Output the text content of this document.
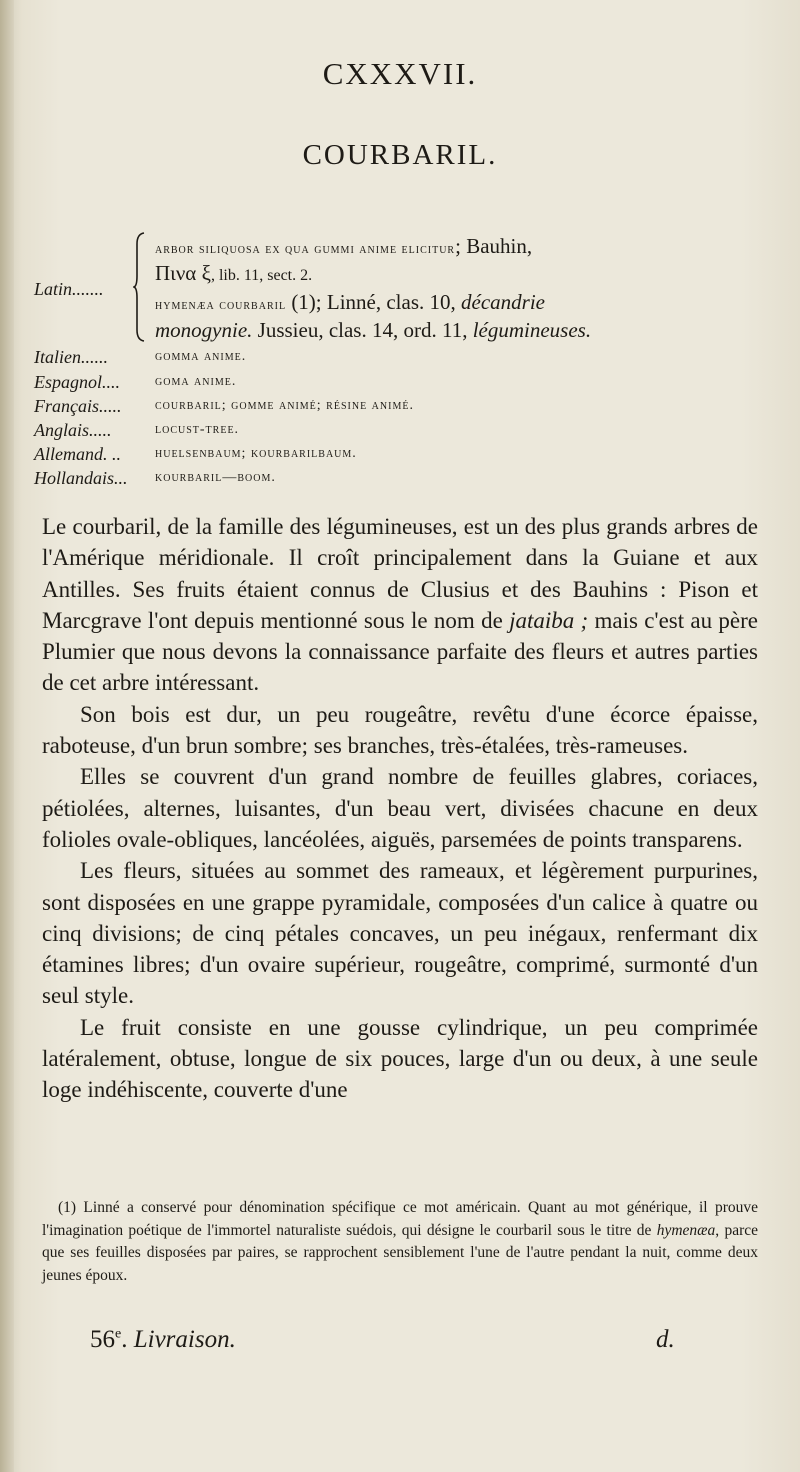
CXXXVII.
COURBARIL.
Latin.......
arbor siliquosa ex qua gummi anime elicitur; Bauhin,
Πινα ξ, lib. 11, sect. 2.
hymenæa courbaril (1); Linné, clas. 10, décandrie
monogynie. Jussieu, clas. 14, ord. 11, légumineuses.
Italien......	gomma anime.
Espagnol.... goma anime.
Français..... courbaril; gomme animé; résine animé.
Anglais.....	locust-tree.
Allemand. .. huelsenbaum; kourbarilbaum.
Hollandais... kourbaril—boom.

Le courbaril, de la famille des légumineuses, est un des plus grands arbres de l'Amérique méridionale. Il croît principalement dans la Guiane et aux Antilles. Ses fruits étaient connus de Clusius et des Bauhins : Pison et Marcgrave l'ont depuis mentionné sous le nom de jataiba ; mais c'est au père Plumier que nous devons la connaissance parfaite des fleurs et autres parties de cet arbre intéressant.

Son bois est dur, un peu rougeâtre, revêtu d'une écorce épaisse, raboteuse, d'un brun sombre; ses branches, très-étalées, très-rameuses.

Elles se couvrent d'un grand nombre de feuilles glabres, coriaces, pétiolées, alternes, luisantes, d'un beau vert, divisées chacune en deux folioles ovale-obliques, lancéolées, aiguës, parsemées de points transparens.

Les fleurs, situées au sommet des rameaux, et légèrement purpurines, sont disposées en une grappe pyramidale, composées d'un calice à quatre ou cinq divisions; de cinq pétales concaves, un peu inégaux, renfermant dix étamines libres; d'un ovaire supérieur, rougeâtre, comprimé, surmonté d'un seul style.

Le fruit consiste en une gousse cylindrique, un peu comprimée latéralement, obtuse, longue de six pouces, large d'un ou deux, à une seule loge indéhiscente, couverte d'une

(1) Linné a conservé pour dénomination spécifique ce mot américain. Quant au mot générique, il prouve l'imagination poétique de l'immortel naturaliste suédois, qui désigne le courbaril sous le titre de hymenæa, parce que ses feuilles disposées par paires, se rapprochent sensiblement l'une de l'autre pendant la nuit, comme deux jeunes époux.

56e. Livraison.	d.
